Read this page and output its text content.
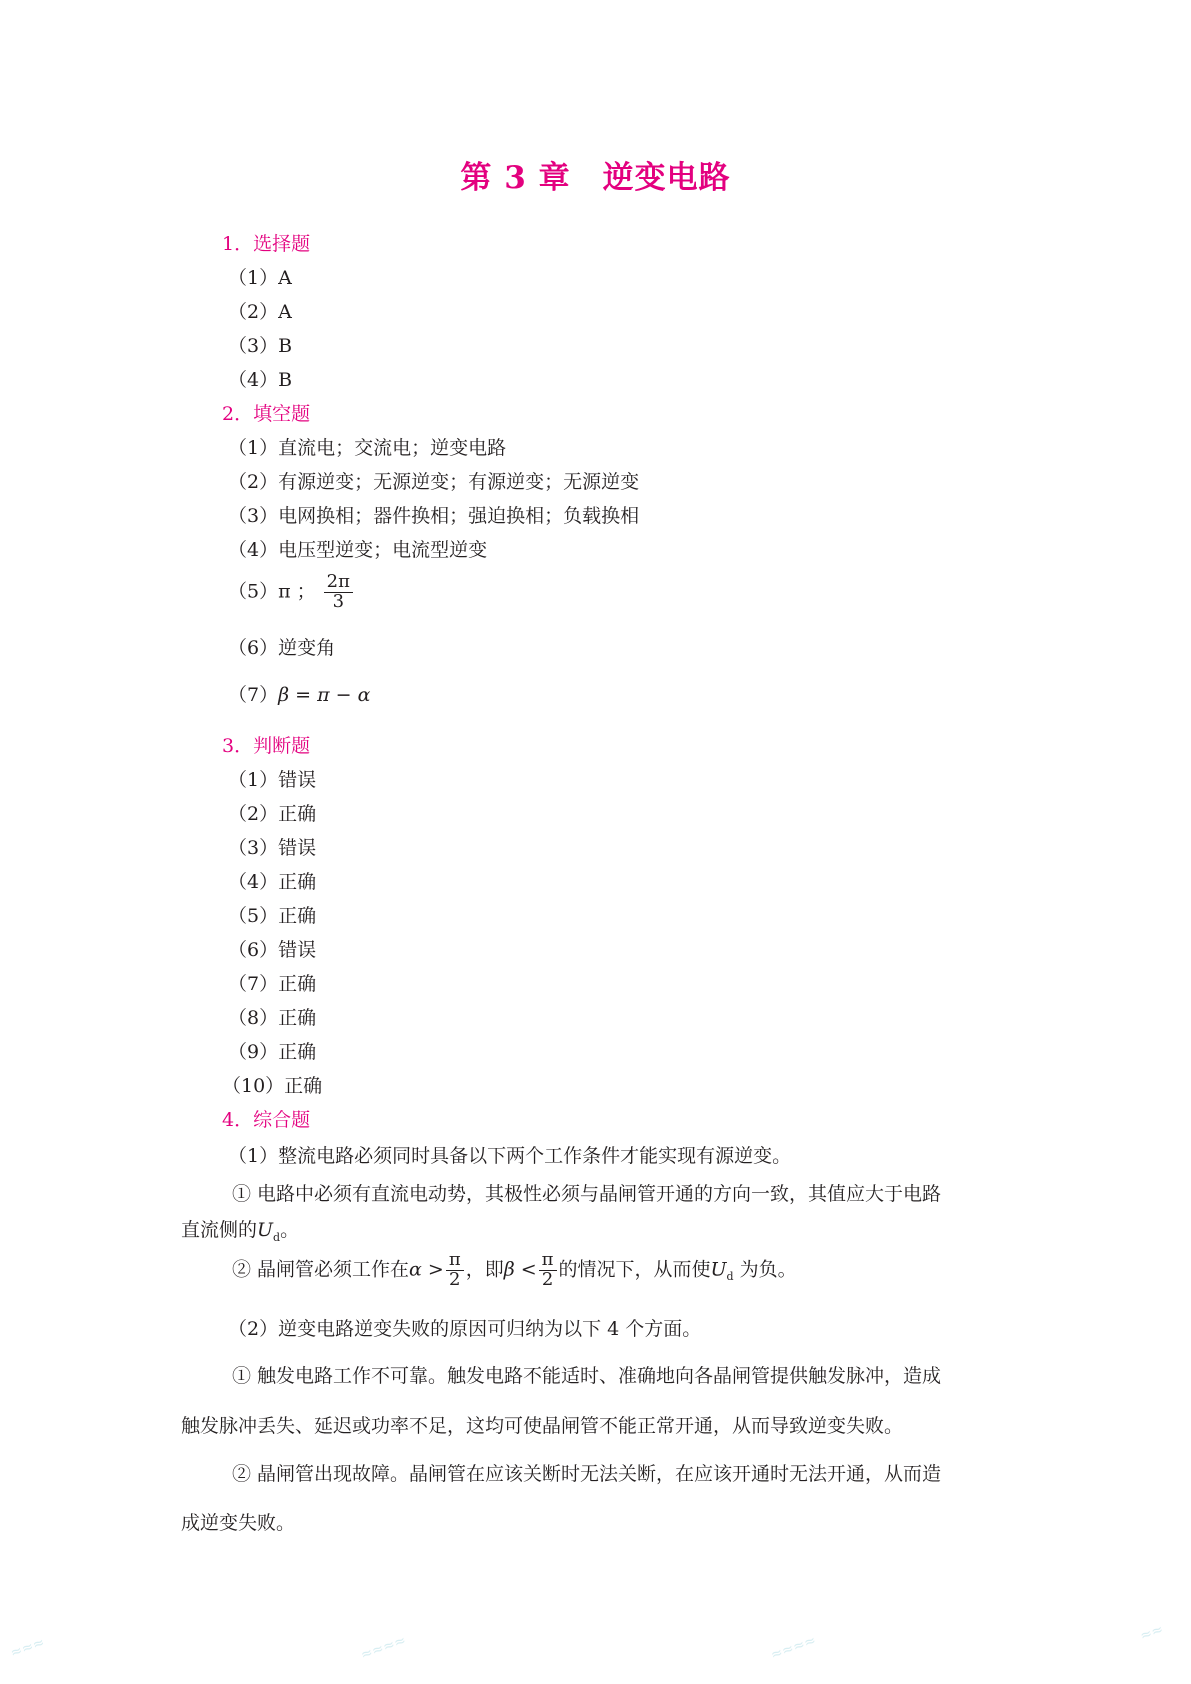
第 3 章 逆变电路
1．选择题
（1）A
（2）A
（3）B
（4）B
2．填空题
（1）直流电；交流电；逆变电路
（2）有源逆变；无源逆变；有源逆变；无源逆变
（3）电网换相；器件换相；强迫换相；负载换相
（4）电压型逆变；电流型逆变
（5）π ； $\frac{2\pi}{3}$
（6）逆变角
（7）β = π − α
3．判断题
（1）错误
（2）正确
（3）错误
（4）正确
（5）正确
（6）错误
（7）正确
（8）正确
（9）正确
（10）正确
4．综合题
（1）整流电路必须同时具备以下两个工作条件才能实现有源逆变。
① 电路中必须有直流电动势，其极性必须与晶闸管开通的方向一致，其值应大于电路
直流侧的$U_d$。
② 晶闸管必须工作在$\alpha > \frac{\pi}{2}$ ，即$\beta < \frac{\pi}{2}$ 的情况下，从而使$U_d$ 为负。
（2）逆变电路逆变失败的原因可归纳为以下 4 个方面。
① 触发电路工作不可靠。触发电路不能适时、准确地向各晶闸管提供触发脉冲，造成
触发脉冲丢失、延迟或功率不足，这均可使晶闸管不能正常开通，从而导致逆变失败。
② 晶闸管出现故障。晶闸管在应该关断时无法关断，在应该开通时无法开通，从而造
成逆变失败。
≈≈≈	≈≈≈≈	≈≈≈≈	≈≈
